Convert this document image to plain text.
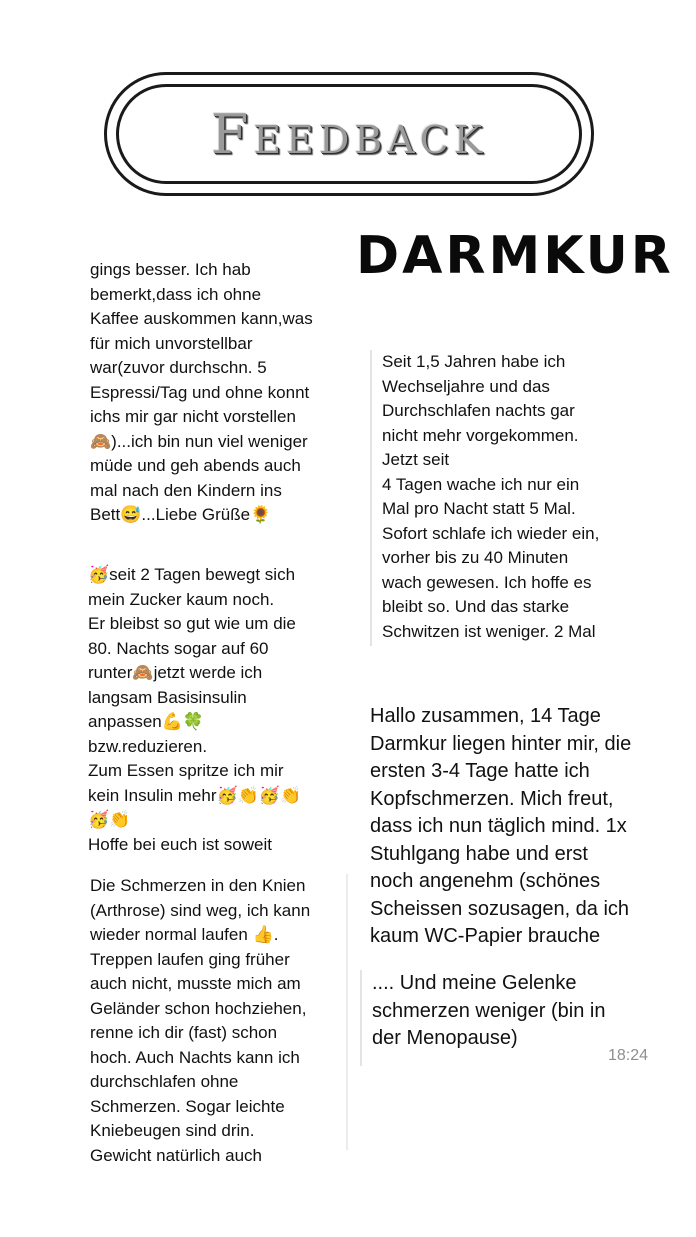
Feedback
DARMKUR

gings besser. Ich hab
bemerkt,dass ich ohne
Kaffee auskommen kann,was
für mich unvorstellbar
war(zuvor durchschn. 5
Espressi/Tag und ohne konnt
ichs mir gar nicht vorstellen
🙈)...ich bin nun viel weniger
müde und geh abends auch
mal nach den Kindern ins
Bett😅...Liebe Grüße🌻

🥳seit 2 Tagen bewegt sich
mein Zucker kaum noch.
Er bleibst so gut wie um die
80. Nachts sogar auf 60
runter🙈jetzt werde ich
langsam Basisinsulin
anpassen💪🍀
bzw.reduzieren.
Zum Essen spritze ich mir
kein Insulin mehr🥳👏🥳👏
🥳👏
Hoffe bei euch ist soweit

Die Schmerzen in den Knien
(Arthrose) sind weg, ich kann
wieder normal laufen 👍.
Treppen laufen ging früher
auch nicht, musste mich am
Geländer schon hochziehen,
renne ich dir (fast) schon
hoch. Auch Nachts kann ich
durchschlafen ohne
Schmerzen. Sogar leichte
Kniebeugen sind drin.
Gewicht natürlich auch

Seit 1,5 Jahren habe ich
Wechseljahre und das
Durchschlafen nachts gar
nicht mehr vorgekommen.
Jetzt seit
4 Tagen wache ich nur ein
Mal pro Nacht statt 5 Mal.
Sofort schlafe ich wieder ein,
vorher bis zu 40 Minuten
wach gewesen. Ich hoffe es
bleibt so. Und das starke
Schwitzen ist weniger. 2 Mal

Hallo zusammen, 14 Tage
Darmkur liegen hinter mir, die
ersten 3-4 Tage hatte ich
Kopfschmerzen. Mich freut,
dass ich nun täglich mind. 1x
Stuhlgang habe und erst
noch angenehm (schönes
Scheissen sozusagen, da ich
kaum WC-Papier brauche

.... Und meine Gelenke
schmerzen weniger (bin in
der Menopause)

18:24
